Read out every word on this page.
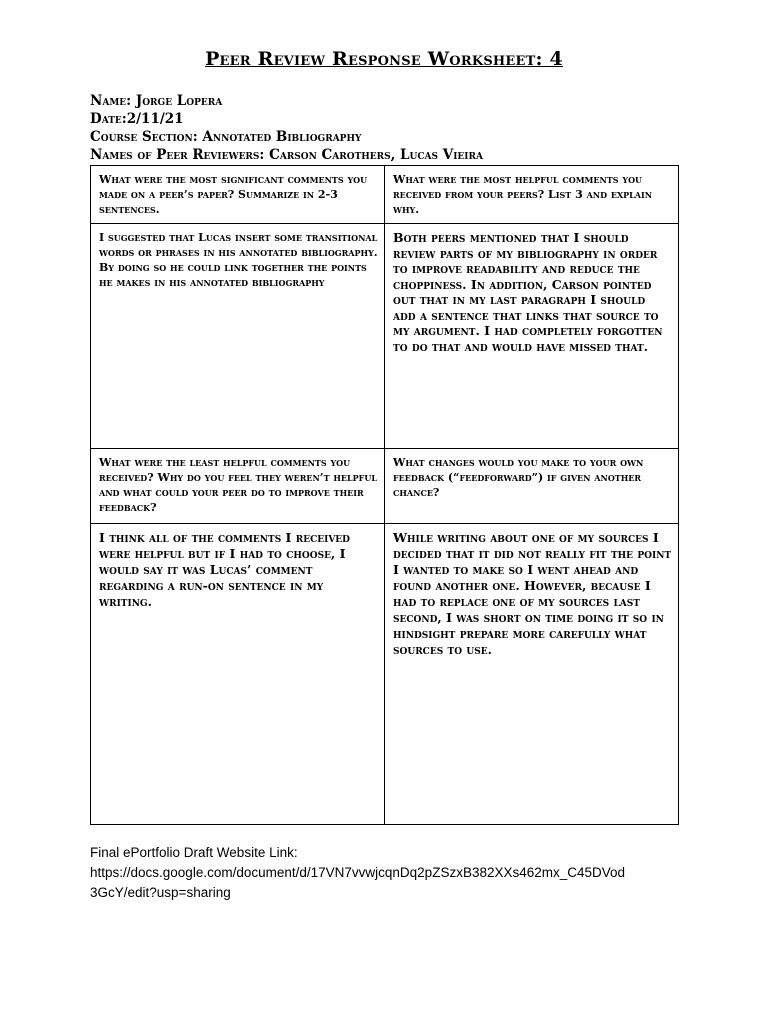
Peer Review Response Worksheet: 4
Name: Jorge Lopera
Date:2/11/21
Course Section: Annotated Bibliography
Names of Peer Reviewers: Carson Carothers, Lucas Vieira
What were the most significant comments you made on a peer’s paper? Summarize in 2-3 sentences.	What were the most helpful comments you received from your peers? List 3 and explain why.
I suggested that Lucas insert some transitional words or phrases in his annotated bibliography. By doing so he could link together the points he makes in his annotated bibliography	Both peers mentioned that I should review parts of my bibliography in order to improve readability and reduce the choppiness. In addition, Carson pointed out that in my last paragraph I should add a sentence that links that source to my argument. I had completely forgotten to do that and would have missed that.
What were the least helpful comments you received? Why do you feel they weren’t helpful and what could your peer do to improve their feedback?	What changes would you make to your own feedback (“feedforward”) if given another chance?
I think all of the comments I received were helpful but if I had to choose, I would say it was Lucas’ comment regarding a run-on sentence in my writing.	While writing about one of my sources I decided that it did not really fit the point I wanted to make so I went ahead and found another one. However, because I had to replace one of my sources last second, I was short on time doing it so in hindsight prepare more carefully what sources to use.
Final ePortfolio Draft Website Link:
https://docs.google.com/document/d/17VN7vvwjcqnDq2pZSzxB382XXs462mx_C45DVod
3GcY/edit?usp=sharing
